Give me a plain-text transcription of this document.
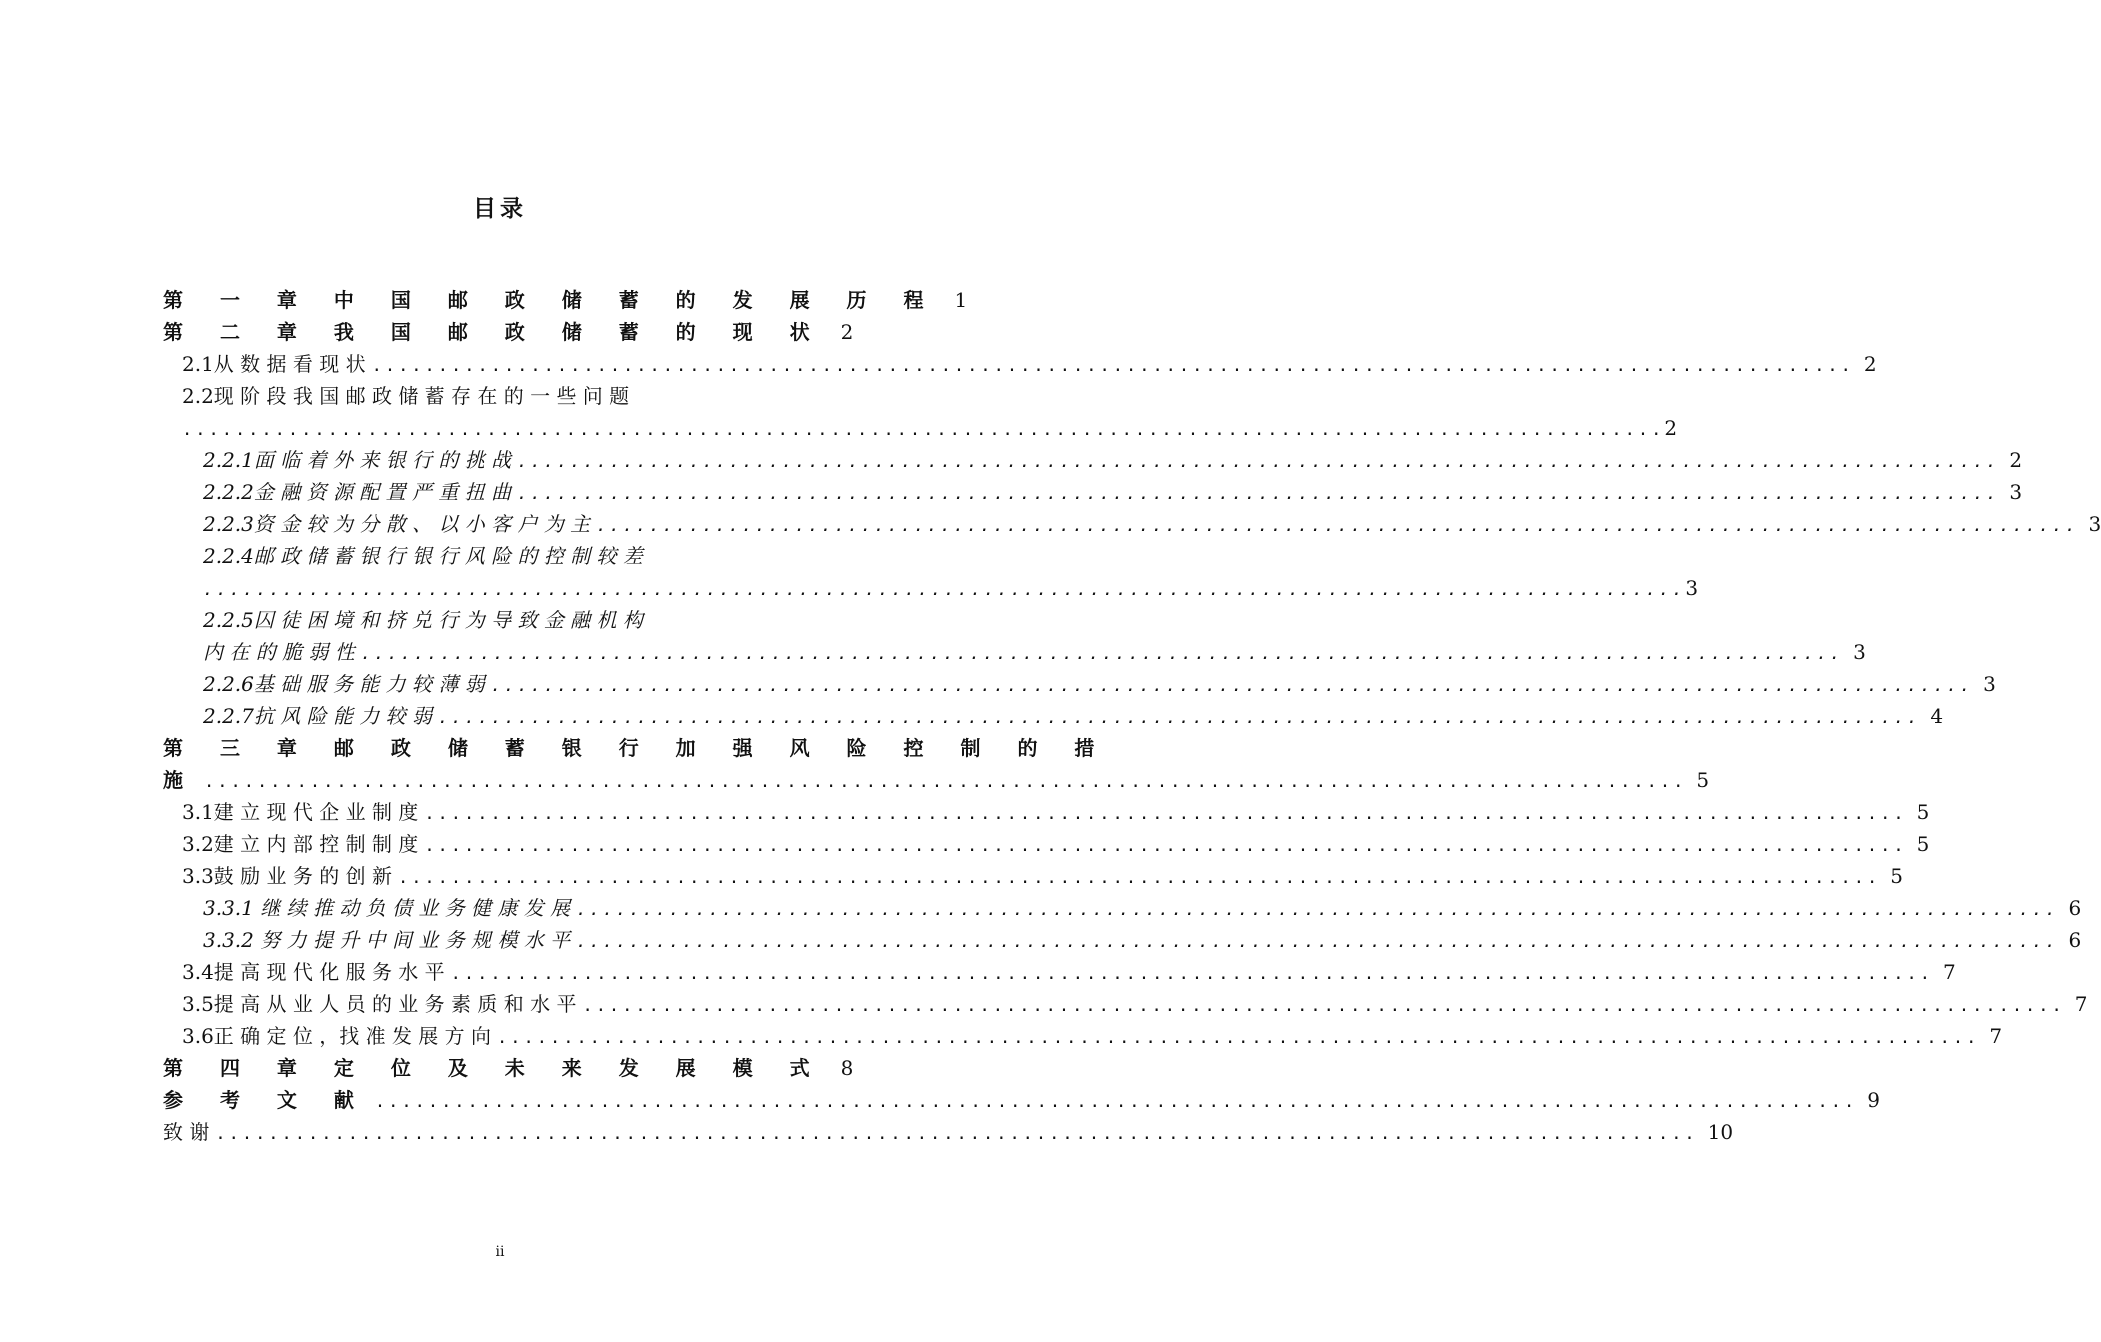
目录
第 一 章 中 国 邮 政 储 蓄 的 发 展 历 程 1
第 二 章 我 国 邮 政 储 蓄 的 现 状 2
2.1从 数 据 看 现 状 ................................................................................................................ 2
2.2现 阶 段 我 国 邮 政 储 蓄 存 在 的 一 些 问 题
................................................................................................................ 2
2.2.1面 临 着 外 来 银 行 的 挑 战 ................................................................................................................ 2
2.2.2金 融 资 源 配 置 严 重 扭 曲 ................................................................................................................ 3
2.2.3资 金 较 为 分 散 、 以 小 客 户 为 主 ................................................................................................................ 3
2.2.4邮 政 储 蓄 银 行 银 行 风 险 的 控 制 较 差
................................................................................................................ 3
2.2.5囚 徒 困 境 和 挤 兑 行 为 导 致 金 融 机 构
内 在 的 脆 弱 性 ................................................................................................................ 3
2.2.6基 础 服 务 能 力 较 薄 弱 ................................................................................................................ 3
2.2.7抗 风 险 能 力 较 弱 ................................................................................................................ 4
第 三 章 邮 政 储 蓄 银 行 加 强 风 险 控 制 的 措
施 ................................................................................................................ 5
3.1建 立 现 代 企 业 制 度 ................................................................................................................ 5
3.2建 立 内 部 控 制 制 度 ................................................................................................................ 5
3.3鼓 励 业 务 的 创 新 ................................................................................................................ 5
3.3.1 继 续 推 动 负 债 业 务 健 康 发 展 ................................................................................................................ 6
3.3.2 努 力 提 升 中 间 业 务 规 模 水 平 ................................................................................................................ 6
3.4提 高 现 代 化 服 务 水 平 ................................................................................................................ 7
3.5提 高 从 业 人 员 的 业 务 素 质 和 水 平 ................................................................................................................ 7
3.6正 确 定 位 ，找 准 发 展 方 向 ................................................................................................................ 7
第 四 章 定 位 及 未 来 发 展 模 式 8
参 考 文 献 ................................................................................................................ 9
致 谢 ................................................................................................................ 10
ii
